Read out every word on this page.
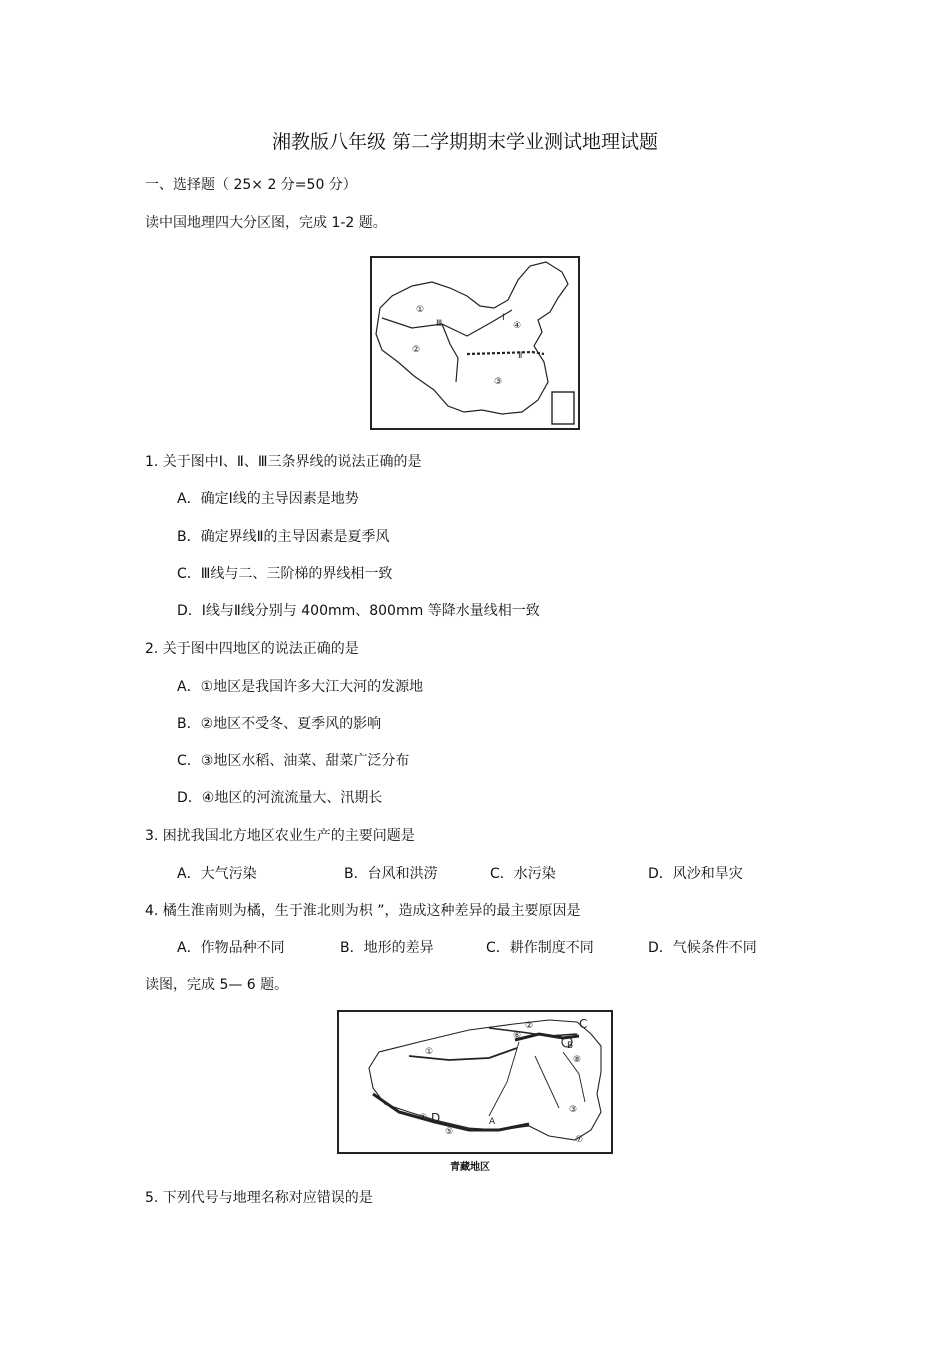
湘教版八年级 第二学期期末学业测试地理试题
一、选择题（ 25× 2 分=50 分）
读中国地理四大分区图，完成 1-2 题。
①
②
③
④
Ⅰ
Ⅱ
Ⅲ
1. 关于图中Ⅰ、Ⅱ、Ⅲ三条界线的说法正确的是
A．确定Ⅰ线的主导因素是地势
B．确定界线Ⅱ的主导因素是夏季风
C．Ⅲ线与二、三阶梯的界线相一致
D．Ⅰ线与Ⅱ线分别与 400mm、800mm 等降水量线相一致
2. 关于图中四地区的说法正确的是
A．①地区是我国许多大江大河的发源地
B．②地区不受冬、夏季风的影响
C．③地区水稻、油菜、甜菜广泛分布
D．④地区的河流流量大、汛期长
3. 困扰我国北方地区农业生产的主要问题是
A．大气污染	B．台风和洪涝	C．水污染	D．风沙和旱灾
4. 橘生淮南则为橘，生于淮北则为枳 ”，造成这种差异的最主要原因是
A．作物品种不同	B．地形的差异	C．耕作制度不同	D．气候条件不同
读图，完成 5— 6 题。
①
②
③
④
⑤
⑥
⑦
⑧
A
B
C
D
青藏地区
5. 下列代号与地理名称对应错误的是
